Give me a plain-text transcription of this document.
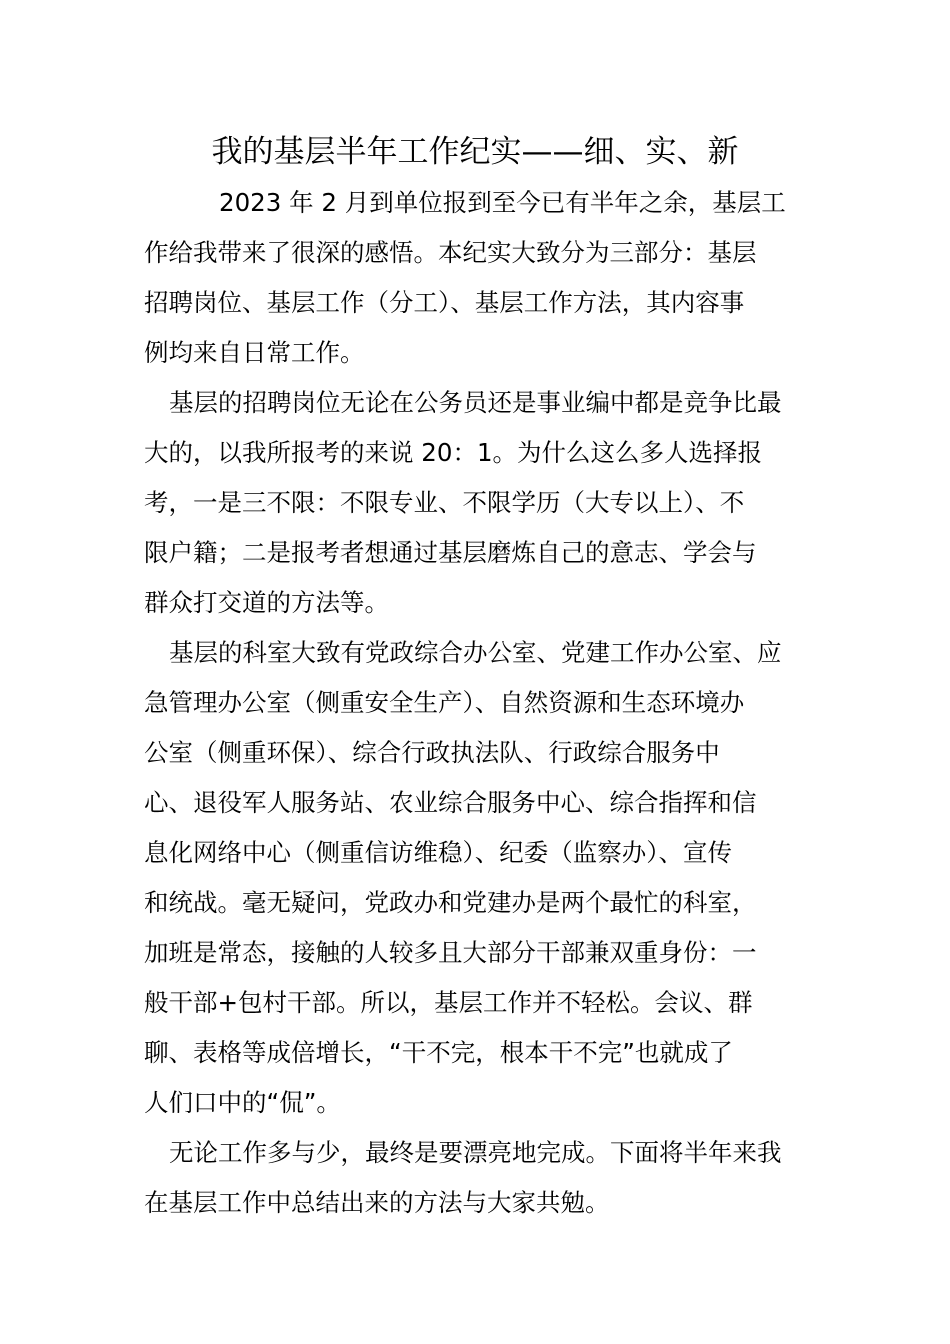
我的基层半年工作纪实——细、实、新

2023 年 2 月到单位报到至今已有半年之余，基层工
作给我带来了很深的感悟。本纪实大致分为三部分：基层
招聘岗位、基层工作（分工）、基层工作方法，其内容事
例均来自日常工作。

基层的招聘岗位无论在公务员还是事业编中都是竞争比最
大的，以我所报考的来说 20：1。为什么这么多人选择报
考，一是三不限：不限专业、不限学历（大专以上）、不
限户籍；二是报考者想通过基层磨炼自己的意志、学会与
群众打交道的方法等。

基层的科室大致有党政综合办公室、党建工作办公室、应
急管理办公室（侧重安全生产）、自然资源和生态环境办
公室（侧重环保）、综合行政执法队、行政综合服务中
心、退役军人服务站、农业综合服务中心、综合指挥和信
息化网络中心（侧重信访维稳）、纪委（监察办）、宣传
和统战。毫无疑问，党政办和党建办是两个最忙的科室，
加班是常态，接触的人较多且大部分干部兼双重身份：一
般干部+包村干部。所以，基层工作并不轻松。会议、群
聊、表格等成倍增长，“干不完，根本干不完”也就成了
人们口中的“侃”。

无论工作多与少，最终是要漂亮地完成。下面将半年来我
在基层工作中总结出来的方法与大家共勉。
